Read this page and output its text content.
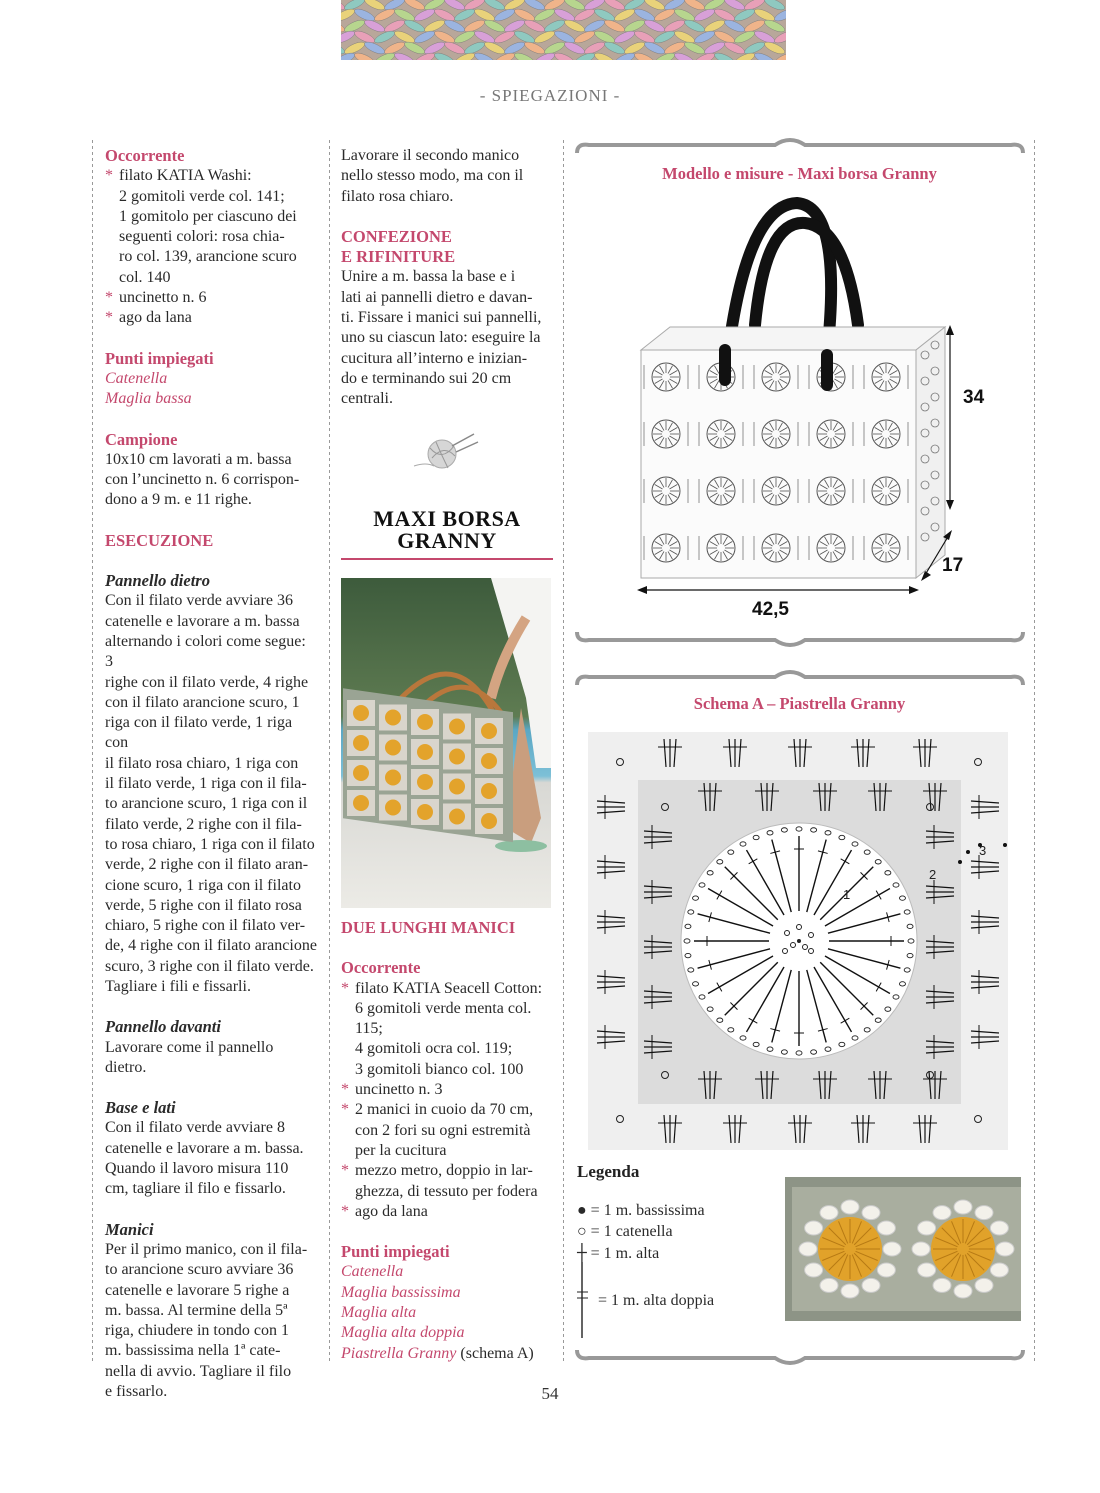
- SPIEGAZIONI -
Occorrente
* filato KATIA Washi:
2 gomitoli verde col. 141;
1 gomitolo per ciascuno dei
seguenti colori: rosa chia-
ro col. 139, arancione scuro
col. 140
* uncinetto n. 6
* ago da lana
Punti impiegati
Catenella
Maglia bassa
Campione
10x10 cm lavorati a m. bassa
con l’uncinetto n. 6 corrispon-
dono a 9 m. e 11 righe.
ESECUZIONE
Pannello dietro
Con il filato verde avviare 36
catenelle e lavorare a m. bassa
alternando i colori come segue: 3
righe con il filato verde, 4 righe
con il filato arancione scuro, 1
riga con il filato verde, 1 riga con
il filato rosa chiaro, 1 riga con
il filato verde, 1 riga con il fila-
to arancione scuro, 1 riga con il
filato verde, 2 righe con il fila-
to rosa chiaro, 1 riga con il filato
verde, 2 righe con il filato aran-
cione scuro, 1 riga con il filato
verde, 5 righe con il filato rosa
chiaro, 5 righe con il filato ver-
de, 4 righe con il filato arancione
scuro, 3 righe con il filato verde.
Tagliare i fili e fissarli.
Pannello davanti
Lavorare come il pannello
dietro.
Base e lati
Con il filato verde avviare 8
catenelle e lavorare a m. bassa.
Quando il lavoro misura 110
cm, tagliare il filo e fissarlo.
Manici
Per il primo manico, con il fila-
to arancione scuro avviare 36
catenelle e lavorare 5 righe a
m. bassa. Al termine della 5ª
riga, chiudere in tondo con 1
m. bassissima nella 1ª cate-
nella di avvio. Tagliare il filo
e fissarlo.
Lavorare il secondo manico
nello stesso modo, ma con il
filato rosa chiaro.
CONFEZIONE
E RIFINITURE
Unire a m. bassa la base e i
lati ai pannelli dietro e davan-
ti. Fissare i manici sui pannelli,
uno su ciascun lato: eseguire la
cucitura all’interno e inizian-
do e terminando sui 20 cm
centrali.
MAXI BORSA
GRANNY
DUE LUNGHI MANICI
Occorrente
* filato KATIA Seacell Cotton:
6 gomitoli verde menta col.
115;
4 gomitoli ocra col. 119;
3 gomitoli bianco col. 100
* uncinetto n. 3
* 2 manici in cuoio da 70 cm,
con 2 fori su ogni estremità
per la cucitura
* mezzo metro, doppio in lar-
ghezza, di tessuto per fodera
* ago da lana
Punti impiegati
Catenella
Maglia bassissima
Maglia alta
Maglia alta doppia
Piastrella Granny (schema A)
34
17
42,5
Modello e misure - Maxi borsa Granny
1
2
3
Schema A – Piastrella Granny
Legenda
● = 1 m. bassissima
○ = 1 catenella
┼ = 1 m. alta
= 1 m. alta doppia
54
